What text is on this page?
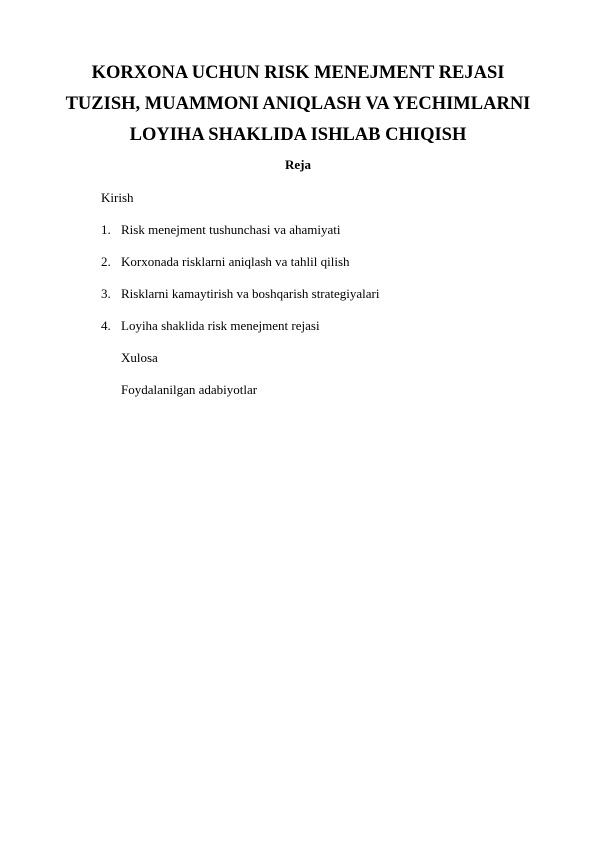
KORXONA UCHUN RISK MENEJMENT REJASI
TUZISH, MUAMMONI ANIQLASH VA YECHIMLARNI
LOYIHA SHAKLIDA ISHLAB CHIQISH
Reja
Kirish
1. Risk menejment tushunchasi va ahamiyati
2. Korxonada risklarni aniqlash va tahlil qilish
3. Risklarni kamaytirish va boshqarish strategiyalari
4. Loyiha shaklida risk menejment rejasi
Xulosa
Foydalanilgan adabiyotlar
